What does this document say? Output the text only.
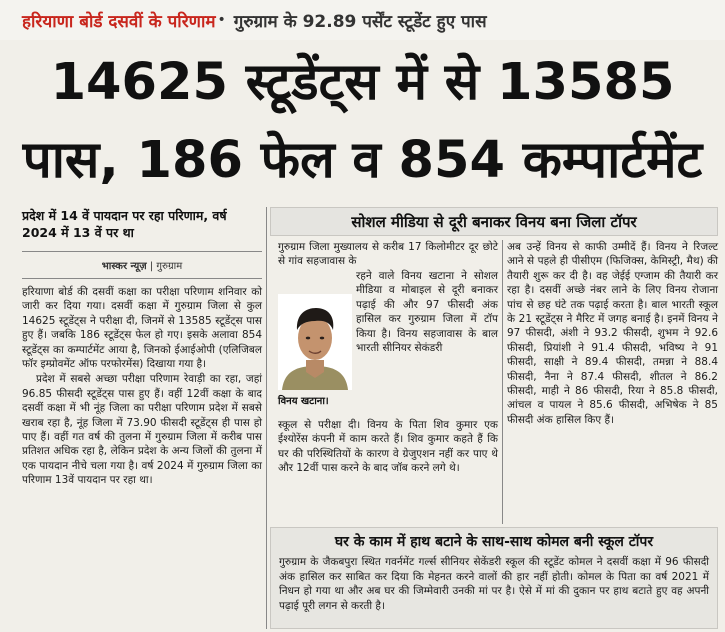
हरियाणा बोर्ड दसवीं के परिणाम • गुरुग्राम के 92.89 पर्सेंट स्टूडेंट हुए पास
14625 स्टूडेंट्स में से 13585
पास, 186 फेल व 854 कम्पार्टमेंट
प्रदेश में 14 वें पायदान पर रहा परिणाम, वर्ष 2024 में 13 वें पर था
भास्कर न्यूज़ | गुरुग्राम

हरियाणा बोर्ड की दसवीं कक्षा का परीक्षा परिणाम शनिवार को जारी कर दिया गया। दसवीं कक्षा में गुरुग्राम जिला से कुल 14625 स्टूडेंट्स ने परीक्षा दी, जिनमें से 13585 स्टूडेंट्स पास हुए हैं। जबकि 186 स्टूडेंट्स फेल हो गए। इसके अलावा 854 स्टूडेंट्स का कम्पार्टमेंट आया है, जिनको ईआईओपी (एलिजिबल फॉर इम्प्रोवमेंट ऑफ परफोरमेंस) दिखाया गया है।

प्रदेश में सबसे अच्छा परीक्षा परिणाम रेवाड़ी का रहा, जहां 96.85 फीसदी स्टूडेंट्स पास हुए हैं। वहीं 12वीं कक्षा के बाद दसवीं कक्षा में भी नूंह जिला का परीक्षा परिणाम प्रदेश में सबसे खराब रहा है, नूंह जिला में 73.90 फीसदी स्टूडेंट्स ही पास हो पाए हैं। वहीं गत वर्ष की तुलना में गुरुग्राम जिला में करीब पास प्रतिशत अधिक रहा है, लेकिन प्रदेश के अन्य जिलों की तुलना में एक पायदान नीचे चला गया है। वर्ष 2024 में गुरुग्राम जिला का परिणाम 13वें पायदान पर रहा था।

सोशल मीडिया से दूरी बनाकर विनय बना जिला टॉपर
गुरुग्राम जिला मुख्यालय से करीब 17 किलोमीटर दूर छोटे से गांव सहजावास के
विनय खटाना।
रहने वाले विनय खटाना ने सोशल मीडिया व मोबाइल से दूरी बनाकर पढ़ाई की और 97 फीसदी अंक हासिल कर गुरुग्राम जिला में टॉप किया है। विनय सहजावास के बाल भारती सीनियर सेकंडरी
स्कूल से परीक्षा दी। विनय के पिता शिव कुमार एक ईश्योरेंस कंपनी में काम करते हैं। शिव कुमार कहते हैं कि घर की परिस्थितियों के कारण वे ग्रेजुएशन नहीं कर पाए थे और 12वीं पास करने के बाद जॉब करने लगे थे।
अब उन्हें विनय से काफी उम्मीदें हैं। विनय ने रिजल्ट आने से पहले ही पीसीएम (फिजिक्स, केमिस्ट्री, मैथ) की तैयारी शुरू कर दी है। वह जेईई एग्जाम की तैयारी कर रहा है। दसवीं अच्छे नंबर लाने के लिए विनय रोजाना पांच से छह घंटे तक पढ़ाई करता है। बाल भारती स्कूल के 21 स्टूडेंट्स ने मैरिट में जगह बनाई है। इनमें विनय ने 97 फीसदी, अंशी ने 93.2 फीसदी, शुभम ने 92.6 फीसदी, प्रियांशी ने 91.4 फीसदी, भविष्य ने 91 फीसदी, साक्षी ने 89.4 फीसदी, तमन्ना ने 88.4 फीसदी, नैना ने 87.4 फीसदी, शीतल ने 86.2 फीसदी, माही ने 86 फीसदी, रिया ने 85.8 फीसदी, आंचल व पायल ने 85.6 फीसदी, अभिषेक ने 85 फीसदी अंक हासिल किए हैं।
घर के काम में हाथ बटाने के साथ-साथ कोमल बनी स्कूल टॉपर
गुरुग्राम के जैकबपुरा स्थित गवर्नमेंट गर्ल्स सीनियर सेकेंडरी स्कूल की स्टूडेंट कोमल ने दसवीं कक्षा में 96 फीसदी अंक हासिल कर साबित कर दिया कि मेहनत करने वालों की हार नहीं होती। कोमल के पिता का वर्ष 2021 में निधन हो गया था और अब घर की जिम्मेवारी उनकी मां पर है। ऐसे में मां की दुकान पर हाथ बटाते हुए वह अपनी पढ़ाई पूरी लगन से करती है।
